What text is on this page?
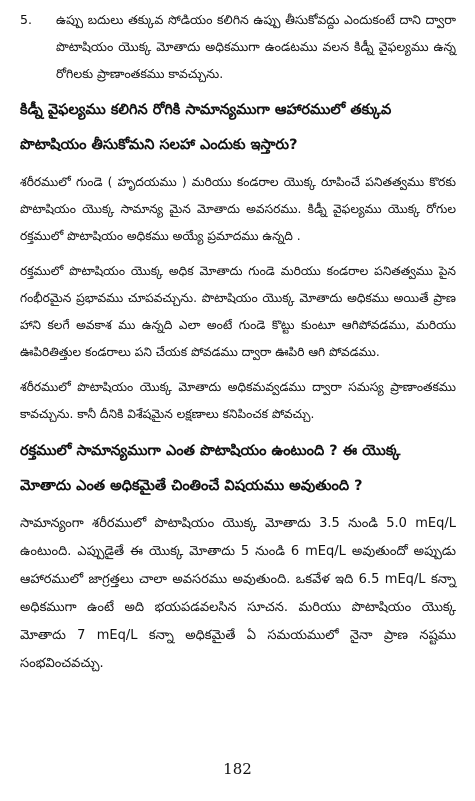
5.	ఉప్పు బదులు తక్కువ సోడియం కలిగిన ఉప్పు తీసుకోవద్దు ఎందుకంటే దాని ద్వారా పొటాషియం యొక్క మోతాదు అధికముగా ఉండటము వలన కిడ్నీ వైఫల్యము ఉన్న రోగిలకు ప్రాణాంతకము కావచ్చును.
కిడ్నీ వైఫల్యము కలిగిన రోగికి సామాన్యముగా ఆహారములో తక్కువ పొటాషియం తీసుకోమని సలహా ఎందుకు ఇస్తారు?

శరీరములో గుండె ( హృదయము ) మరియు కండరాల యొక్క రూపించే పనితత్వము కొరకు పొటాషియం యొక్క సామాన్య మైన మోతాదు అవసరము. కిడ్నీ వైఫల్యము యొక్క రోగుల రక్తములో పొటాషియం అధికము అయ్యే ప్రమాదము ఉన్నది .

రక్తములో పొటాషియం యొక్క అధిక మోతాదు గుండె మరియు కండరాల పనితత్వము పైన గంభీరమైన ప్రభావము చూపవచ్చును. పొటాషియం యొక్క మోతాదు అధికము అయితే ప్రాణ హాని కలగే అవకాశ ము ఉన్నది ఎలా అంటే గుండె కొట్టు కుంటూ ఆగిపోవడము, మరియు ఊపిరితిత్తుల కండరాలు పని చేయక పోవడము ద్వారా ఊపిరి ఆగి పోవడము.

శరీరములో పొటాషియం యొక్క మోతాదు అధికమవ్వడము ద్వారా సమస్య ప్రాణాంతకము కావచ్చును. కానీ దీనికి విశేషమైన లక్షణాలు కనిపించక పోవచ్చు.

రక్తములో సామాన్యముగా ఎంత పొటాషియం ఉంటుంది ? ఈ యొక్క మోతాదు ఎంత అధికమైతే చింతించే విషయము అవుతుంది ?

సామాన్యంగా శరీరములో పొటాషియం యొక్క మోతాదు 3.5 నుండి 5.0 mEq/L ఉంటుంది. ఎప్పుడైతే ఈ యొక్క మోతాదు 5 నుండి 6 mEq/L అవుతుందో అప్పుడు ఆహారములో జాగ్రత్తలు చాలా అవసరము అవుతుంది. ఒకవేళ ఇది 6.5 mEq/L కన్నా అధికముగా ఉంటే అది భయపడవలసిన సూచన. మరియు పొటాషియం యొక్క మోతాదు 7 mEq/L కన్నా అధికమైతే ఏ సమయములో నైనా ప్రాణ నష్టము సంభవించవచ్చు.

182
